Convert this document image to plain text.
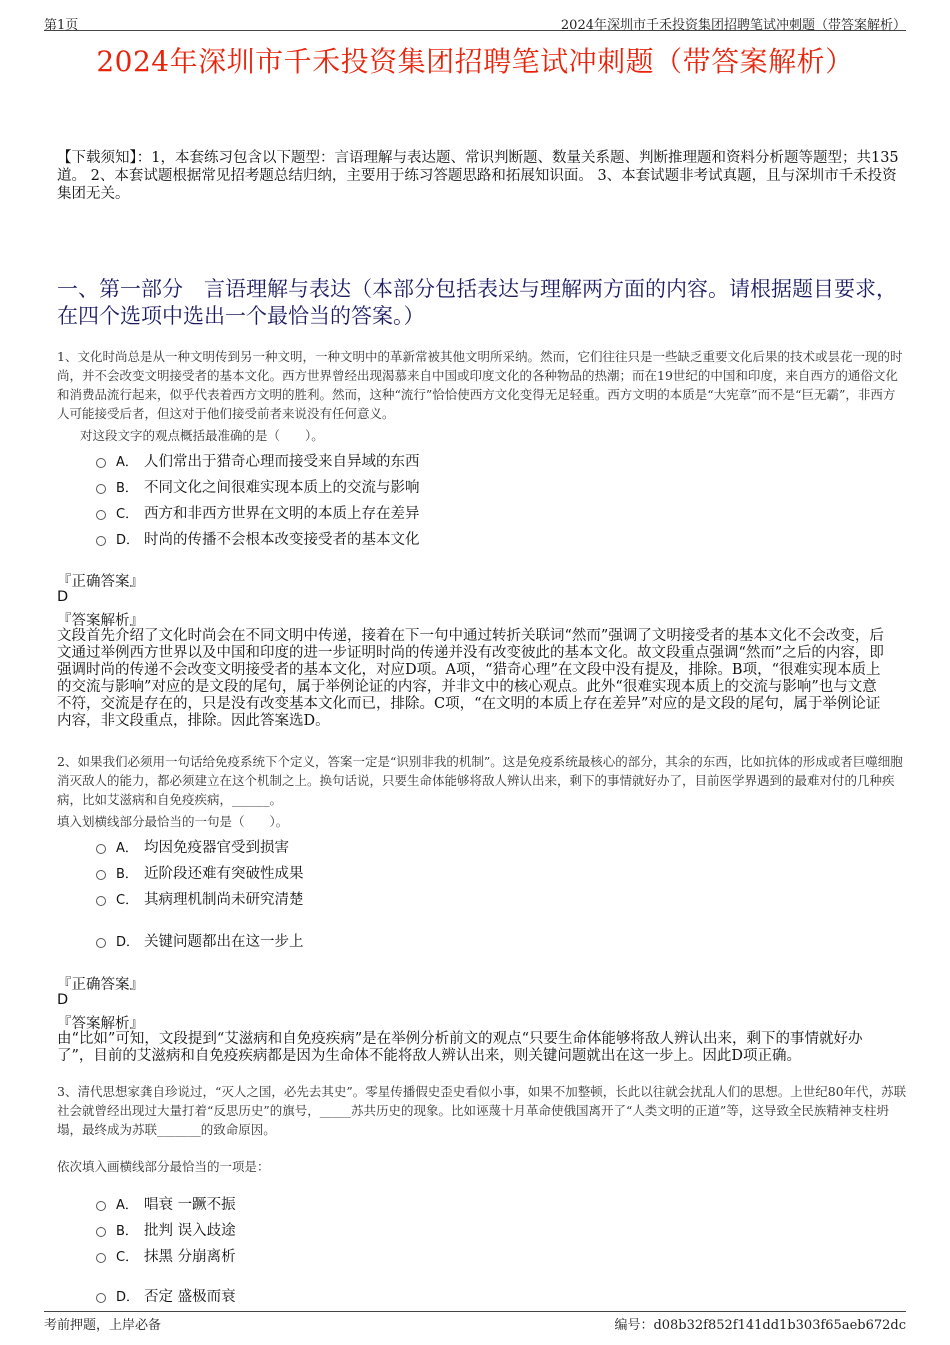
第1页	2024年深圳市千禾投资集团招聘笔试冲刺题（带答案解析）
2024年深圳市千禾投资集团招聘笔试冲刺题（带答案解析）
【下载须知】：1，本套练习包含以下题型：言语理解与表达题、常识判断题、数量关系题、判断推理题和资料分析题等题型；共135道。 2、本套试题根据常见招考题总结归纳，主要用于练习答题思路和拓展知识面。 3、本套试题非考试真题，且与深圳市千禾投资集团无关。
一、第一部分　言语理解与表达（本部分包括表达与理解两方面的内容。请根据题目要求，在四个选项中选出一个最恰当的答案。）
1、文化时尚总是从一种文明传到另一种文明，一种文明中的革新常被其他文明所采纳。然而，它们往往只是一些缺乏重要文化后果的技术或昙花一现的时尚，并不会改变文明接受者的基本文化。西方世界曾经出现渴慕来自中国或印度文化的各种物品的热潮；而在19世纪的中国和印度，来自西方的通俗文化和消费品流行起来，似乎代表着西方文明的胜利。然而，这种“流行”恰恰使西方文化变得无足轻重。西方文明的本质是“大宪章”而不是“巨无霸”，非西方人可能接受后者，但这对于他们接受前者来说没有任何意义。
对这段文字的观点概括最准确的是（　　）。
A． 人们常出于猎奇心理而接受来自异域的东西
B． 不同文化之间很难实现本质上的交流与影响
C． 西方和非西方世界在文明的本质上存在差异
D． 时尚的传播不会根本改变接受者的基本文化
『正确答案』
D
『答案解析』
文段首先介绍了文化时尚会在不同文明中传递，接着在下一句中通过转折关联词“然而”强调了文明接受者的基本文化不会改变，后文通过举例西方世界以及中国和印度的进一步证明时尚的传递并没有改变彼此的基本文化。故文段重点强调“然而”之后的内容，即强调时尚的传递不会改变文明接受者的基本文化，对应D项。A项，“猎奇心理”在文段中没有提及，排除。B项，“很难实现本质上的交流与影响”对应的是文段的尾句，属于举例论证的内容，并非文中的核心观点。此外“很难实现本质上的交流与影响”也与文意不符，交流是存在的，只是没有改变基本文化而已，排除。C项，“在文明的本质上存在差异”对应的是文段的尾句，属于举例论证内容，非文段重点，排除。因此答案选D。
2、如果我们必须用一句话给免疫系统下个定义，答案一定是“识别非我的机制”。这是免疫系统最核心的部分，其余的东西，比如抗体的形成或者巨噬细胞消灭敌人的能力，都必须建立在这个机制之上。换句话说，只要生命体能够将敌人辨认出来，剩下的事情就好办了，目前医学界遇到的最难对付的几种疾病，比如艾滋病和自免疫疾病，______。
填入划横线部分最恰当的一句是（　　）。
A． 均因免疫器官受到损害
B． 近阶段还难有突破性成果
C． 其病理机制尚未研究清楚
D． 关键问题都出在这一步上
『正确答案』
D
『答案解析』
由“比如”可知，文段提到“艾滋病和自免疫疾病”是在举例分析前文的观点“只要生命体能够将敌人辨认出来，剩下的事情就好办了”，目前的艾滋病和自免疫疾病都是因为生命体不能将敌人辨认出来，则关键问题就出在这一步上。因此D项正确。
3、清代思想家龚自珍说过，“灭人之国，必先去其史”。零星传播假史歪史看似小事，如果不加整顿，长此以往就会扰乱人们的思想。上世纪80年代，苏联社会就曾经出现过大量打着“反思历史”的旗号，_____苏共历史的现象。比如诬蔑十月革命使俄国离开了“人类文明的正道”等，这导致全民族精神支柱坍塌，最终成为苏联_______的致命原因。
依次填入画横线部分最恰当的一项是：
A． 唱衰 一蹶不振
B． 批判 误入歧途
C． 抹黑 分崩离析
D． 否定 盛极而衰
考前押题，上岸必备	编号：d08b32f852f141dd1b303f65aeb672dc
